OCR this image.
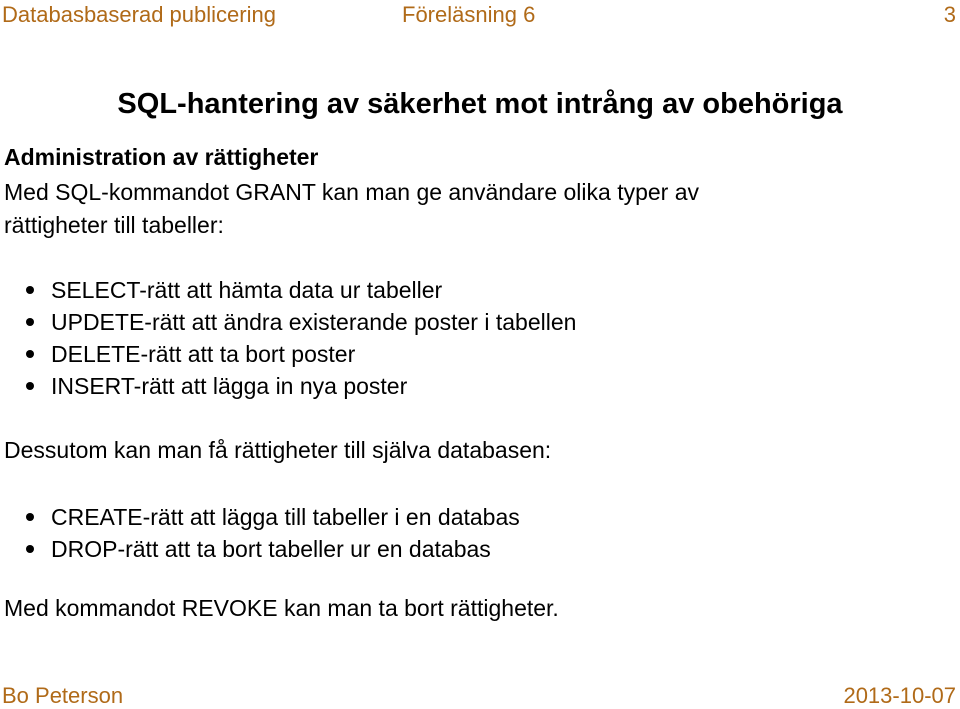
Databasbaserad publicering	Föreläsning 6	3
SQL-hantering av säkerhet mot intrång av obehöriga
Administration av rättigheter
Med SQL-kommandot GRANT kan man ge användare olika typer av
rättigheter till tabeller:
SELECT-rätt att hämta data ur tabeller
UPDETE-rätt att ändra existerande poster i tabellen
DELETE-rätt att ta bort poster
INSERT-rätt att lägga in nya poster
Dessutom kan man få rättigheter till själva databasen:
CREATE-rätt att lägga till tabeller i en databas
DROP-rätt att ta bort tabeller ur en databas
Med kommandot REVOKE kan man ta bort rättigheter.
Bo Peterson	2013-10-07
